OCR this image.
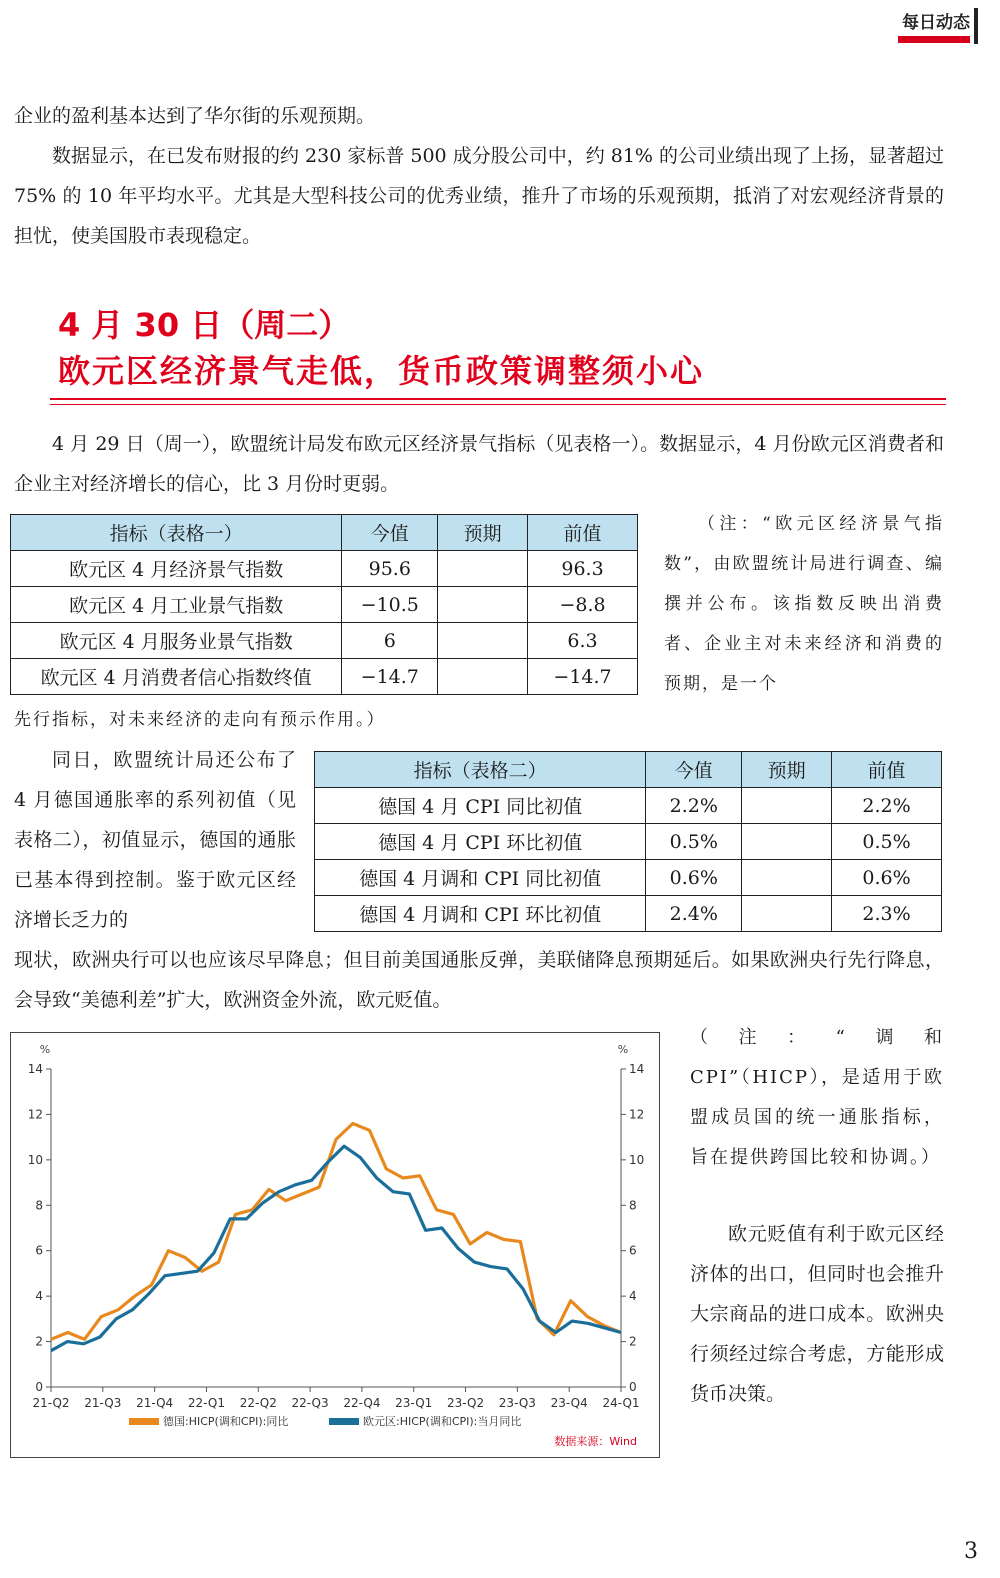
每日动态

企业的盈利基本达到了华尔街的乐观预期。

数据显示，在已发布财报的约 230 家标普 500 成分股公司中，约 81% 的公司业绩出现了上扬，显著超过 75% 的 10 年平均水平。尤其是大型科技公司的优秀业绩，推升了市场的乐观预期，抵消了对宏观经济背景的担忧，使美国股市表现稳定。

4 月 30 日（周二）
欧元区经济景气走低，货币政策调整须小心

4 月 29 日（周一），欧盟统计局发布欧元区经济景气指标（见表格一）。数据显示，4 月份欧元区消费者和企业主对经济增长的信心，比 3 月份时更弱。

指标（表格一）	今值	预期	前值
欧元区 4 月经济景气指数	95.6		96.3
欧元区 4 月工业景气指数	−10.5		−8.8
欧元区 4 月服务业景气指数	6		6.3
欧元区 4 月消费者信心指数终值	−14.7		−14.7
（注：“欧元区经济景气指数”，由欧盟统计局进行调查、编撰并公布。该指数反映出消费者、企业主对未来经济和消费的预期，是一个
先行指标，对未来经济的走向有预示作用。）

同日，欧盟统计局还公布了 4 月德国通胀率的系列初值（见表格二），初值显示，德国的通胀已基本得到控制。鉴于欧元区经济增长乏力的

指标（表格二）	今值	预期	前值
德国 4 月 CPI 同比初值	2.2%		2.2%
德国 4 月 CPI 环比初值	0.5%		0.5%
德国 4 月调和 CPI 同比初值	0.6%		0.6%
德国 4 月调和 CPI 环比初值	2.4%		2.3%

现状，欧洲央行可以也应该尽早降息；但目前美国通胀反弹，美联储降息预期延后。如果欧洲央行先行降息，会导致“美德利差”扩大，欧洲资金外流，欧元贬值。

%	%
0	0
2	2
4	4
6	6
8	8
10	10
12	12
14	14
21-Q2 21-Q3 21-Q4 22-Q1 22-Q2 22-Q3 22-Q4 23-Q1 23-Q2 23-Q3 23-Q4 24-Q1
德国:HICP(调和CPI):同比	欧元区:HICP(调和CPI):当月同比
数据来源：Wind
（注：“调和 CPI”（HICP），是适用于欧盟成员国的统一通胀指标，旨在提供跨国比较和协调。）

欧元贬值有利于欧元区经济体的出口，但同时也会推升大宗商品的进口成本。欧洲央行须经过综合考虑，方能形成货币决策。

3
